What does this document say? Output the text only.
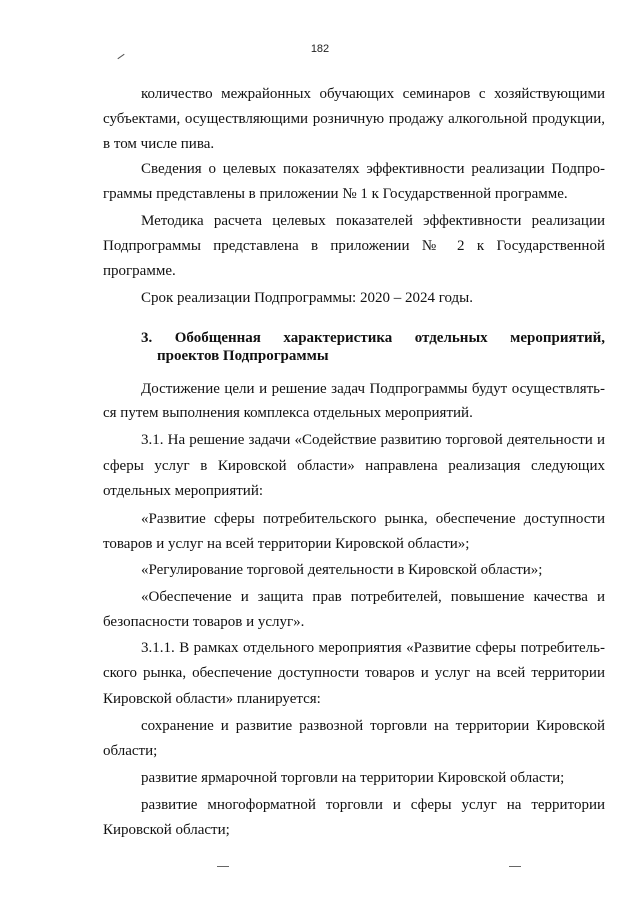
182
количество межрайонных обучающих семинаров с хозяйствующими
субъектами, осуществляющими розничную продажу алкогольной продукции,
в том числе пива.
Сведения о целевых показателях эффективности реализации Подпро-
граммы представлены в приложении № 1 к Государственной программе.
Методика расчета целевых показателей эффективности реализации
Подпрограммы представлена в приложении № 2 к Государственной
программе.
Срок реализации Подпрограммы: 2020 – 2024 годы.
3. Обобщенная характеристика отдельных мероприятий,
проектов Подпрограммы
Достижение цели и решение задач Подпрограммы будут осуществлять-
ся путем выполнения комплекса отдельных мероприятий.
3.1. На решение задачи «Содействие развитию торговой деятельности и
сферы услуг в Кировской области» направлена реализация следующих
отдельных мероприятий:
«Развитие сферы потребительского рынка, обеспечение доступности
товаров и услуг на всей территории Кировской области»;
«Регулирование торговой деятельности в Кировской области»;
«Обеспечение и защита прав потребителей, повышение качества и
безопасности товаров и услуг».
3.1.1. В рамках отдельного мероприятия «Развитие сферы потребитель-
ского рынка, обеспечение доступности товаров и услуг на всей территории
Кировской области» планируется:
сохранение и развитие развозной торговли на территории Кировской
области;
развитие ярмарочной торговли на территории Кировской области;
развитие многоформатной торговли и сферы услуг на территории
Кировской области;
